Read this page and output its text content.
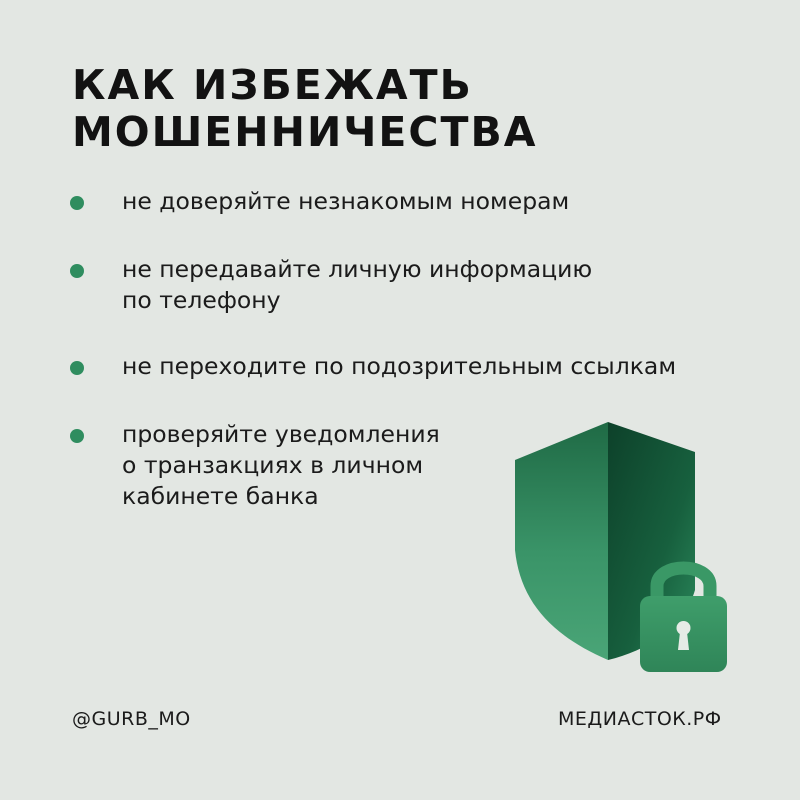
КАК ИЗБЕЖАТЬ
МОШЕННИЧЕСТВА
не доверяйте незнакомым номерам
не передавайте личную информацию
по телефону
не переходите по подозрительным ссылкам
проверяйте уведомления
о транзакциях в личном
кабинете банка
@GURB_MO	МЕДИАСТОК.РФ
